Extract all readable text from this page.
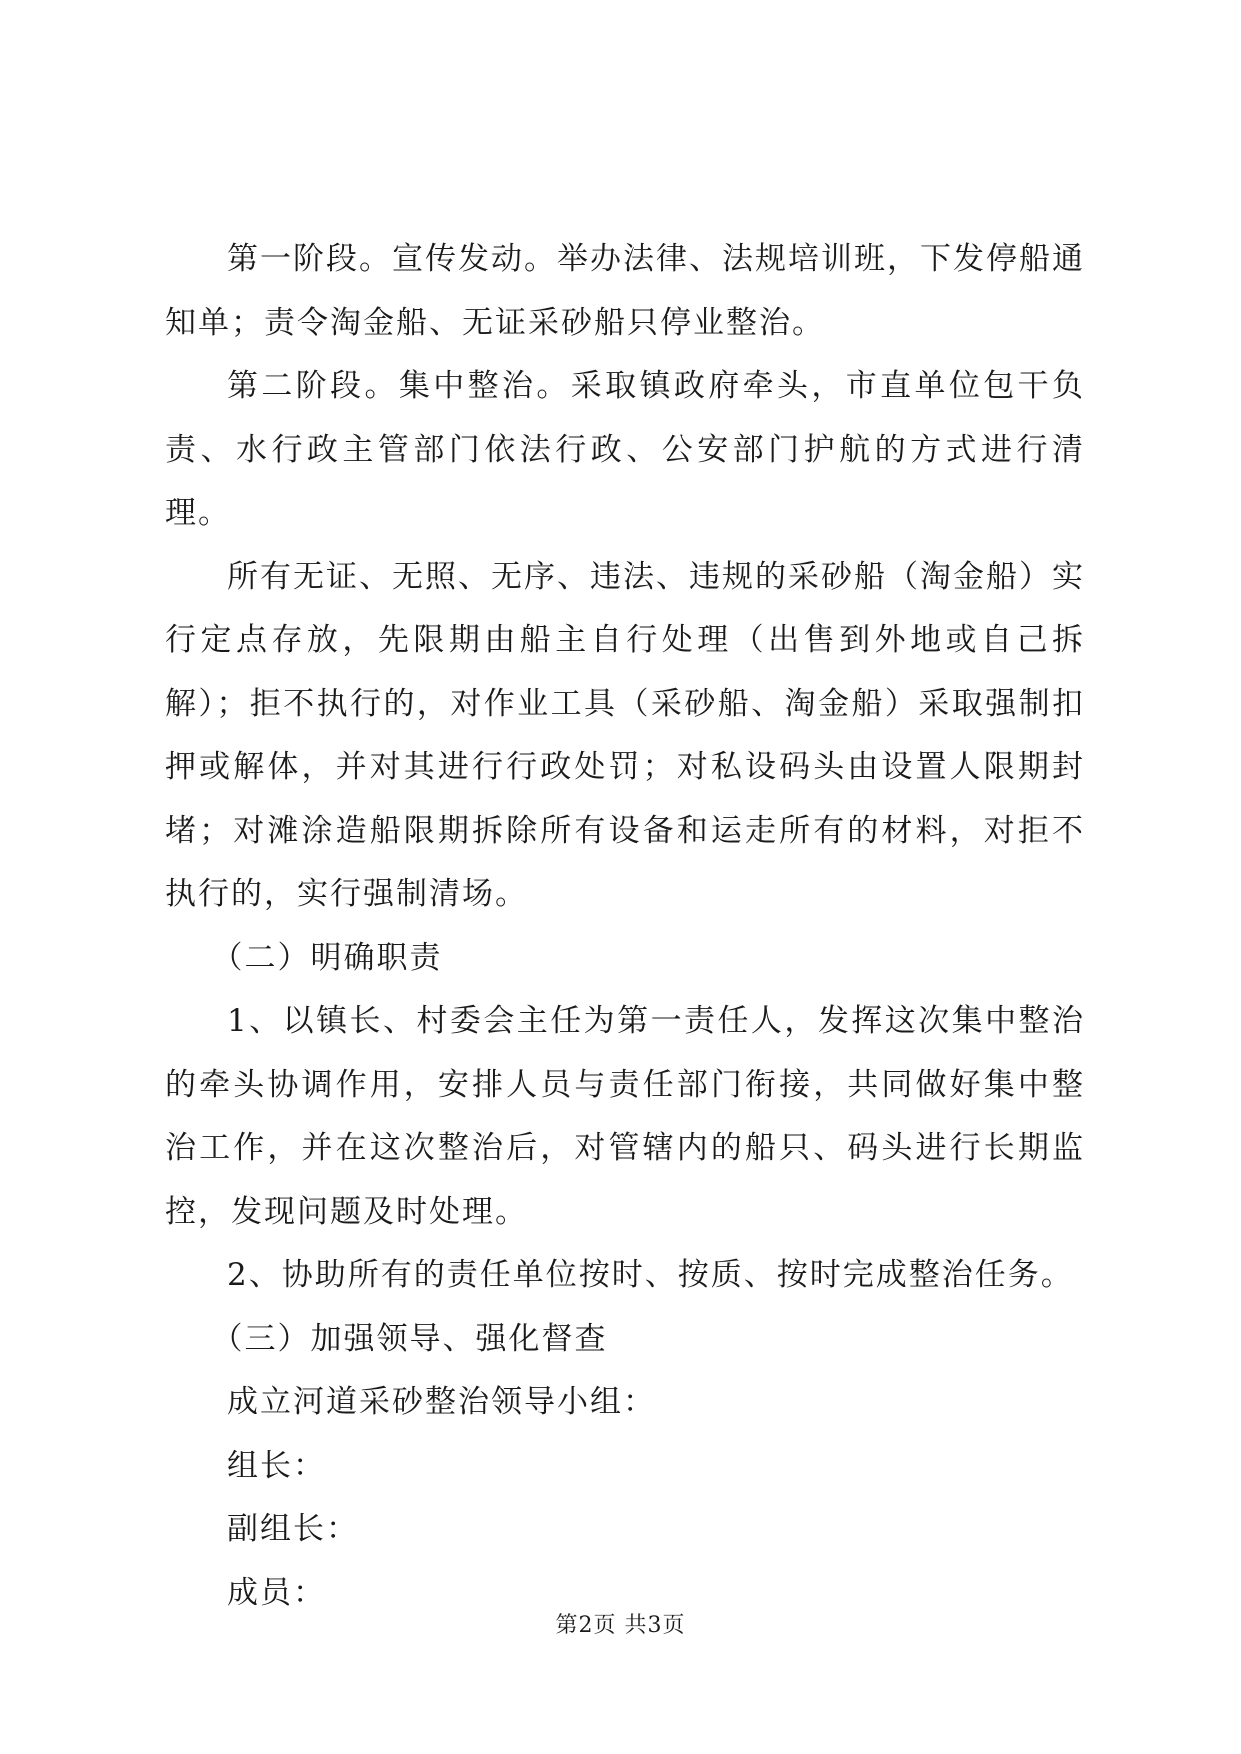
第一阶段。宣传发动。举办法律、法规培训班，下发停船通知单；责令淘金船、无证采砂船只停业整治。

第二阶段。集中整治。采取镇政府牵头，市直单位包干负责、水行政主管部门依法行政、公安部门护航的方式进行清理。

所有无证、无照、无序、违法、违规的采砂船（淘金船）实行定点存放，先限期由船主自行处理（出售到外地或自己拆解）；拒不执行的，对作业工具（采砂船、淘金船）采取强制扣押或解体，并对其进行行政处罚；对私设码头由设置人限期封堵；对滩涂造船限期拆除所有设备和运走所有的材料，对拒不执行的，实行强制清场。

（二）明确职责

1、以镇长、村委会主任为第一责任人，发挥这次集中整治的牵头协调作用，安排人员与责任部门衔接，共同做好集中整治工作，并在这次整治后，对管辖内的船只、码头进行长期监控，发现问题及时处理。

2、协助所有的责任单位按时、按质、按时完成整治任务。

（三）加强领导、强化督查

成立河道采砂整治领导小组：

组长：

副组长：

成员：

第2页 共3页
